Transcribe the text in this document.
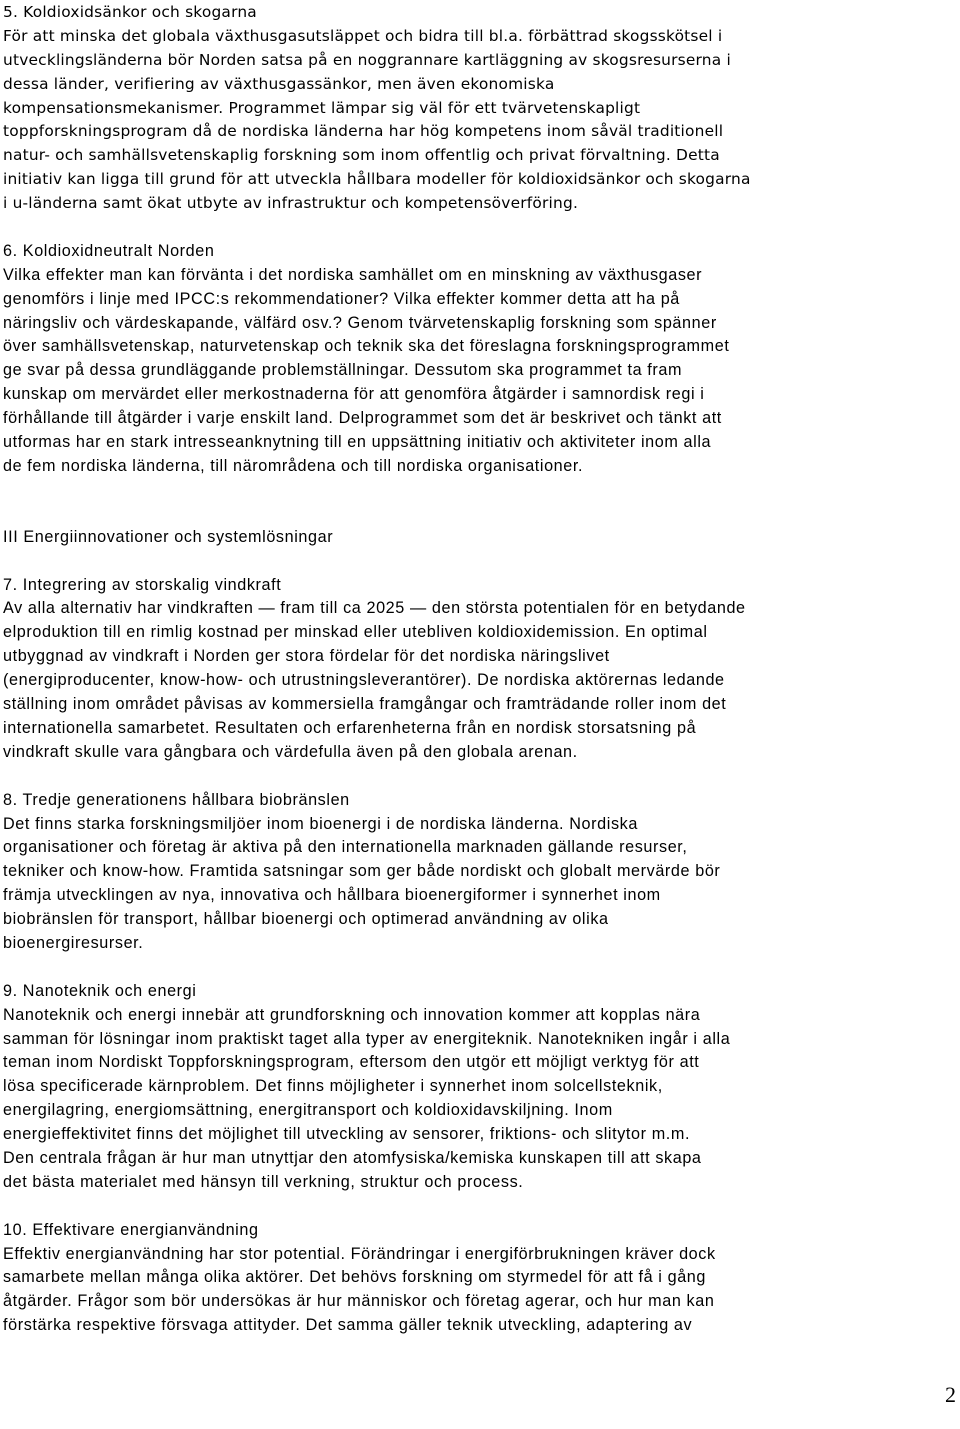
5. Koldioxidsänkor och skogarna
För att minska det globala växthusgasutsläppet och bidra till bl.a. förbättrad skogsskötsel i
utvecklingsländerna bör Norden satsa på en noggrannare kartläggning av skogsresurserna i
dessa länder, verifiering av växthusgassänkor, men även ekonomiska
kompensationsmekanismer. Programmet lämpar sig väl för ett tvärvetenskapligt
toppforskningsprogram då de nordiska länderna har hög kompetens inom såväl traditionell
natur- och samhällsvetenskaplig forskning som inom offentlig och privat förvaltning. Detta
initiativ kan ligga till grund för att utveckla hållbara modeller för koldioxidsänkor och skogarna
i u-länderna samt ökat utbyte av infrastruktur och kompetensöverföring.
6. Koldioxidneutralt Norden
Vilka effekter man kan förvänta i det nordiska samhället om en minskning av växthusgaser
genomförs i linje med IPCC:s rekommendationer? Vilka effekter kommer detta att ha på
näringsliv och värdeskapande, välfärd osv.? Genom tvärvetenskaplig forskning som spänner
över samhällsvetenskap, naturvetenskap och teknik ska det föreslagna forskningsprogrammet
ge svar på dessa grundläggande problemställningar. Dessutom ska programmet ta fram
kunskap om mervärdet eller merkostnaderna för att genomföra åtgärder i samnordisk regi i
förhållande till åtgärder i varje enskilt land. Delprogrammet som det är beskrivet och tänkt att
utformas har en stark intresseanknytning till en uppsättning initiativ och aktiviteter inom alla
de fem nordiska länderna, till närområdena och till nordiska organisationer.
III Energiinnovationer och systemlösningar
7. Integrering av storskalig vindkraft
Av alla alternativ har vindkraften — fram till ca 2025 — den största potentialen för en betydande
elproduktion till en rimlig kostnad per minskad eller utebliven koldioxidemission. En optimal
utbyggnad av vindkraft i Norden ger stora fördelar för det nordiska näringslivet
(energiproducenter, know-how- och utrustningsleverantörer). De nordiska aktörernas ledande
ställning inom området påvisas av kommersiella framgångar och framträdande roller inom det
internationella samarbetet. Resultaten och erfarenheterna från en nordisk storsatsning på
vindkraft skulle vara gångbara och värdefulla även på den globala arenan.
8. Tredje generationens hållbara biobränslen
Det finns starka forskningsmiljöer inom bioenergi i de nordiska länderna. Nordiska
organisationer och företag är aktiva på den internationella marknaden gällande resurser,
tekniker och know-how. Framtida satsningar som ger både nordiskt och globalt mervärde bör
främja utvecklingen av nya, innovativa och hållbara bioenergiformer i synnerhet inom
biobränslen för transport, hållbar bioenergi och optimerad användning av olika
bioenergiresurser.
9. Nanoteknik och energi
Nanoteknik och energi innebär att grundforskning och innovation kommer att kopplas nära
samman för lösningar inom praktiskt taget alla typer av energiteknik. Nanotekniken ingår i alla
teman inom Nordiskt Toppforskningsprogram, eftersom den utgör ett möjligt verktyg för att
lösa specificerade kärnproblem. Det finns möjligheter i synnerhet inom solcellsteknik,
energilagring, energiomsättning, energitransport och koldioxidavskiljning. Inom
energieffektivitet finns det möjlighet till utveckling av sensorer, friktions- och slitytor m.m.
Den centrala frågan är hur man utnyttjar den atomfysiska/kemiska kunskapen till att skapa
det bästa materialet med hänsyn till verkning, struktur och process.
10. Effektivare energianvändning
Effektiv energianvändning har stor potential. Förändringar i energiförbrukningen kräver dock
samarbete mellan många olika aktörer. Det behövs forskning om styrmedel för att få i gång
åtgärder. Frågor som bör undersökas är hur människor och företag agerar, och hur man kan
förstärka respektive försvaga attityder. Det samma gäller teknik utveckling, adaptering av
2
